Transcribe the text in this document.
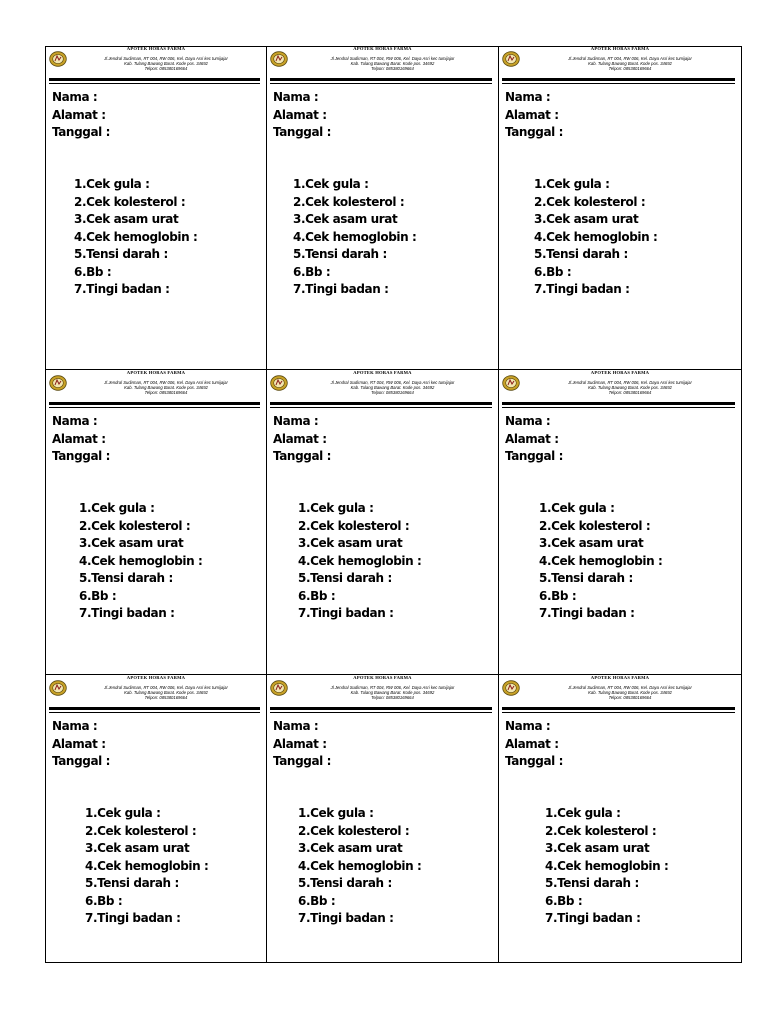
APOTEK HORAS FARMA
Jl.Jendral Sudirman, RT 004, RW 006, Kel. Daya Asri kec tumijajar
Kab. Tulang Bawang Barat. Kode pos. 34692
Telpon: 085380169664
Nama :
Alamat :
Tanggal :
1.Cek gula :
2.Cek kolesterol :
3.Cek asam urat
4.Cek hemoglobin :
5.Tensi darah :
6.Bb :
7.Tingi badan :
APOTEK HORAS FARMA
Jl.Jendral Sudirman, RT 004, RW 006, Kel. Daya Asri kec tumijajar
Kab. Tulang Bawang Barat. Kode pos. 34692
Telpon: 085380169664
Nama :
Alamat :
Tanggal :
1.Cek gula :
2.Cek kolesterol :
3.Cek asam urat
4.Cek hemoglobin :
5.Tensi darah :
6.Bb :
7.Tingi badan :
APOTEK HORAS FARMA
Jl.Jendral Sudirman, RT 004, RW 006, Kel. Daya Asri kec tumijajar
Kab. Tulang Bawang Barat. Kode pos. 34692
Telpon: 085380169664
Nama :
Alamat :
Tanggal :
1.Cek gula :
2.Cek kolesterol :
3.Cek asam urat
4.Cek hemoglobin :
5.Tensi darah :
6.Bb :
7.Tingi badan :
APOTEK HORAS FARMA
Jl.Jendral Sudirman, RT 004, RW 006, Kel. Daya Asri kec tumijajar
Kab. Tulang Bawang Barat. Kode pos. 34692
Telpon: 085380169664
Nama :
Alamat :
Tanggal :
1.Cek gula :
2.Cek kolesterol :
3.Cek asam urat
4.Cek hemoglobin :
5.Tensi darah :
6.Bb :
7.Tingi badan :
APOTEK HORAS FARMA
Jl.Jendral Sudirman, RT 004, RW 006, Kel. Daya Asri kec tumijajar
Kab. Tulang Bawang Barat. Kode pos. 34692
Telpon: 085380169664
Nama :
Alamat :
Tanggal :
1.Cek gula :
2.Cek kolesterol :
3.Cek asam urat
4.Cek hemoglobin :
5.Tensi darah :
6.Bb :
7.Tingi badan :
APOTEK HORAS FARMA
Jl.Jendral Sudirman, RT 004, RW 006, Kel. Daya Asri kec tumijajar
Kab. Tulang Bawang Barat. Kode pos. 34692
Telpon: 085380169664
Nama :
Alamat :
Tanggal :
1.Cek gula :
2.Cek kolesterol :
3.Cek asam urat
4.Cek hemoglobin :
5.Tensi darah :
6.Bb :
7.Tingi badan :
APOTEK HORAS FARMA
Jl.Jendral Sudirman, RT 004, RW 006, Kel. Daya Asri kec tumijajar
Kab. Tulang Bawang Barat. Kode pos. 34692
Telpon: 085380169664
Nama :
Alamat :
Tanggal :
1.Cek gula :
2.Cek kolesterol :
3.Cek asam urat
4.Cek hemoglobin :
5.Tensi darah :
6.Bb :
7.Tingi badan :
APOTEK HORAS FARMA
Jl.Jendral Sudirman, RT 004, RW 006, Kel. Daya Asri kec tumijajar
Kab. Tulang Bawang Barat. Kode pos. 34692
Telpon: 085380169664
Nama :
Alamat :
Tanggal :
1.Cek gula :
2.Cek kolesterol :
3.Cek asam urat
4.Cek hemoglobin :
5.Tensi darah :
6.Bb :
7.Tingi badan :
APOTEK HORAS FARMA
Jl.Jendral Sudirman, RT 004, RW 006, Kel. Daya Asri kec tumijajar
Kab. Tulang Bawang Barat. Kode pos. 34692
Telpon: 085380169664
Nama :
Alamat :
Tanggal :
1.Cek gula :
2.Cek kolesterol :
3.Cek asam urat
4.Cek hemoglobin :
5.Tensi darah :
6.Bb :
7.Tingi badan :
